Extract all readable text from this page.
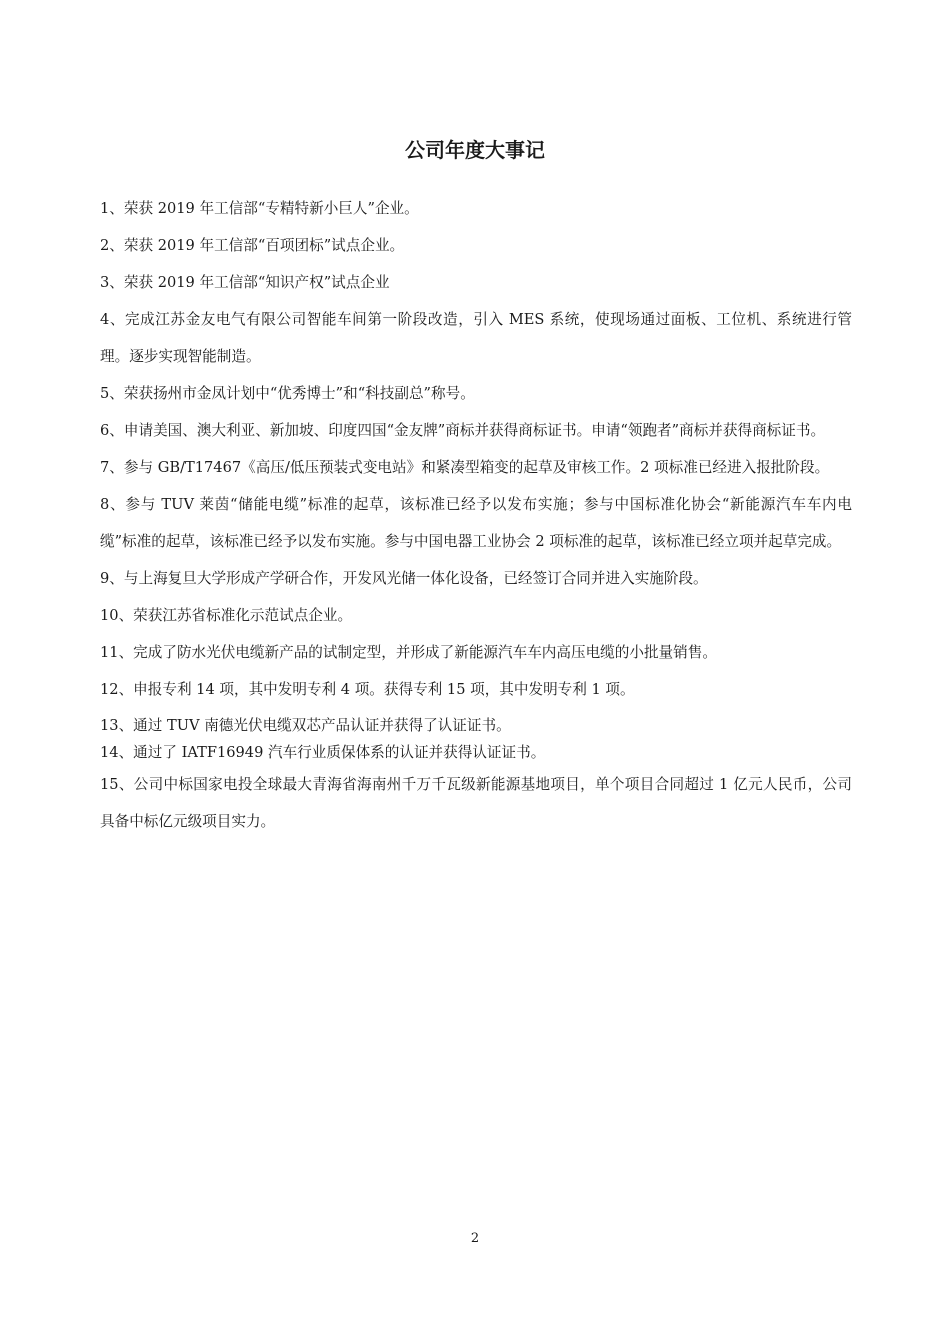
公司年度大事记
1、荣获 2019 年工信部“专精特新小巨人”企业。
2、荣获 2019 年工信部“百项团标”试点企业。
3、荣获 2019 年工信部“知识产权”试点企业
4、完成江苏金友电气有限公司智能车间第一阶段改造，引入 MES 系统，使现场通过面板、工位机、系统进行管理。逐步实现智能制造。
5、荣获扬州市金凤计划中“优秀博士”和“科技副总”称号。
6、申请美国、澳大利亚、新加坡、印度四国“金友牌”商标并获得商标证书。申请“领跑者”商标并获得商标证书。
7、参与 GB/T17467《高压/低压预装式变电站》和紧凑型箱变的起草及审核工作。2 项标准已经进入报批阶段。
8、参与 TUV 莱茵“储能电缆”标准的起草，该标准已经予以发布实施；参与中国标准化协会“新能源汽车车内电缆”标准的起草，该标准已经予以发布实施。参与中国电器工业协会 2 项标准的起草，该标准已经立项并起草完成。
9、与上海复旦大学形成产学研合作，开发风光储一体化设备，已经签订合同并进入实施阶段。
10、荣获江苏省标准化示范试点企业。
11、完成了防水光伏电缆新产品的试制定型，并形成了新能源汽车车内高压电缆的小批量销售。
12、申报专利 14 项，其中发明专利 4 项。获得专利 15 项，其中发明专利 1 项。
13、通过 TUV 南德光伏电缆双芯产品认证并获得了认证证书。
14、通过了 IATF16949 汽车行业质保体系的认证并获得认证证书。
15、公司中标国家电投全球最大青海省海南州千万千瓦级新能源基地项目，单个项目合同超过 1 亿元人民币，公司具备中标亿元级项目实力。
2
